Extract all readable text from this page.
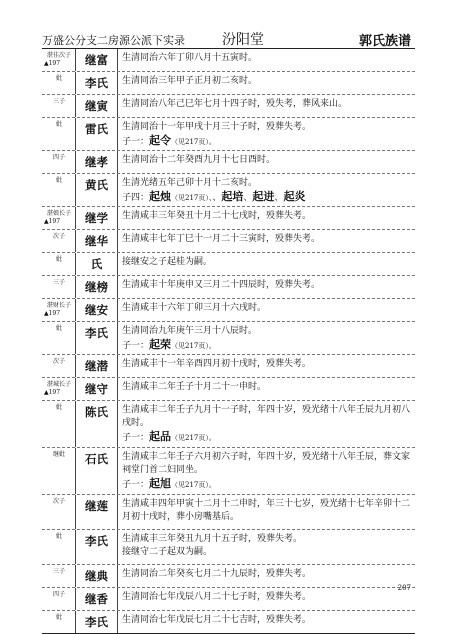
万盛公分支二房源公派下实录	汾阳堂	郭氏族谱
湛佳次子
▲197	继富	生清同治六年丁卯八月十五寅时。
妣	李氏	生清同治三年甲子正月初二亥时。
三子	继寅	生清同治八年己巳年七月十四子时，殁失考，葬风来山。
妣	雷氏	生清同治十一年甲戌十月三十子时，殁葬失考。
子一：起令（见217页）。
四子	继孝	生清同治十二年癸酉九月十七日酉时。
妣	黄氏	生清光绪五年己卯十月十二亥时。
子四：起烛（见217页）、、起培、起进、起炎
湛娘长子
▲197	继学	生清咸丰三年癸丑十月二十七戌时，殁葬失考。
次子	继华	生清咸丰七年丁巳十一月二十三寅时，殁葬失考。
妣	氏	接继安之子起桂为嗣。
三子	继榜	生清咸丰十年庚申又三月二十四辰时，殁葬失考。
湛财长子
▲197	继安	生清咸丰十六年丁卯三月十六戌时。
妣	李氏	生清同治九年庚午三月十八辰时。
子一：起荣（见217页）。
次子	继潜	生清咸丰十一年辛酉四月初十戌时，殁葬失考。
湛城长子
▲197	继守	生清咸丰二年壬子十月二十一申时。
妣	陈氏	生清咸丰二年壬子九月十一子时，年四十岁，殁光绪十八年壬辰九月初八戌时。
子一：起品（见217页）。
继妣	石氏	生清咸丰二年壬子六月初六子时，年四十岁，殁光绪十八年壬辰，葬文家祠堂门首二妇同坐。
子一：起旭（见217页）。
次子	继莲	生清咸丰四年甲寅十二月十二申时，年三十七岁，殁光绪十七年辛卯十二月初十戌时，葬小房嘴基后。
妣	李氏	生清咸丰三年癸丑九月十五子时，殁葬失考。
接继守二子起双为嗣。
三子	继典	生清同治二年癸亥七月二十九辰时，殁葬失考。
四子	继香	生清同治七年戊辰八月二十七子时，殁葬失考。
妣	李氏	生清同治七年戊辰七月二十七吉时，殁葬失考。
207
